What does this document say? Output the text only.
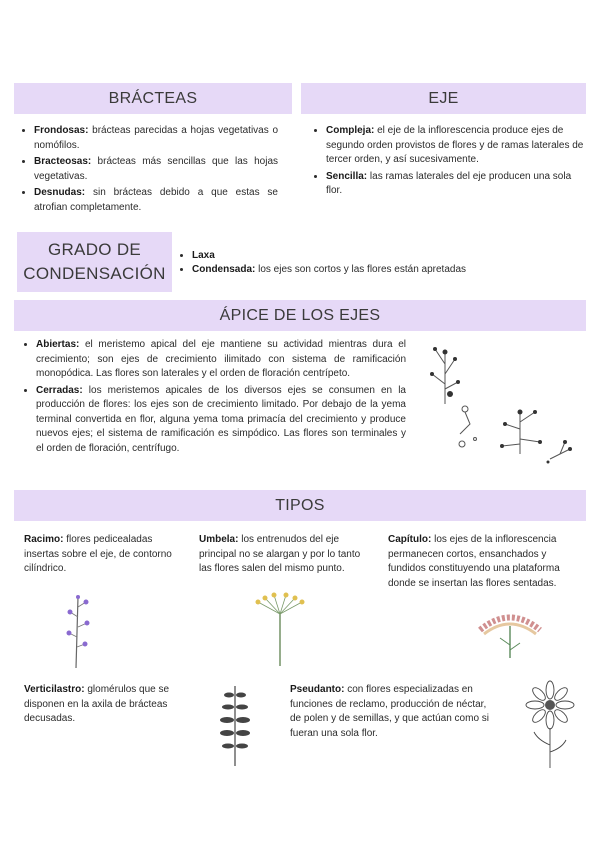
BRÁCTEAS
• Frondosas: brácteas parecidas a hojas vegetativas o nomófilos.
• Bracteosas: brácteas más sencillas que las hojas vegetativas.
• Desnudas: sin brácteas debido a que estas se atrofian completamente.
EJE
• Compleja: el eje de la inflorescencia produce ejes de segundo orden provistos de flores y de ramas laterales de tercer orden, y así sucesivamente.
• Sencilla: las ramas laterales del eje producen una sola flor.
GRADO DE
CONDENSACIÓN
• Laxa
• Condensada: los ejes son cortos y las flores están apretadas
ÁPICE DE LOS EJES
• Abiertas: el meristemo apical del eje mantiene su actividad mientras dura el crecimiento; son ejes de crecimiento ilimitado con sistema de ramificación monopódica. Las flores son laterales y el orden de floración centrípeto.
• Cerradas: los meristemos apicales de los diversos ejes se consumen en la producción de flores: los ejes son de crecimiento limitado. Por debajo de la yema terminal convertida en flor, alguna yema toma primacía del crecimiento y produce nuevos ejes; el sistema de ramificación es simpódico. Las flores son terminales y el orden de floración, centrífugo.
TIPOS
Racimo: flores pedicealadas insertas sobre el eje, de contorno cilíndrico.
Umbela: los entrenudos del eje principal no se alargan y por lo tanto las flores salen del mismo punto.
Capítulo: los ejes de la inflorescencia permanecen cortos, ensanchados y fundidos constituyendo una plataforma donde se insertan las flores sentadas.
Verticilastro: glomérulos que se disponen en la axila de brácteas decusadas.
Pseudanto: con flores especializadas en funciones de reclamo, producción de néctar, de polen y de semillas, y que actúan como si fueran una sola flor.
